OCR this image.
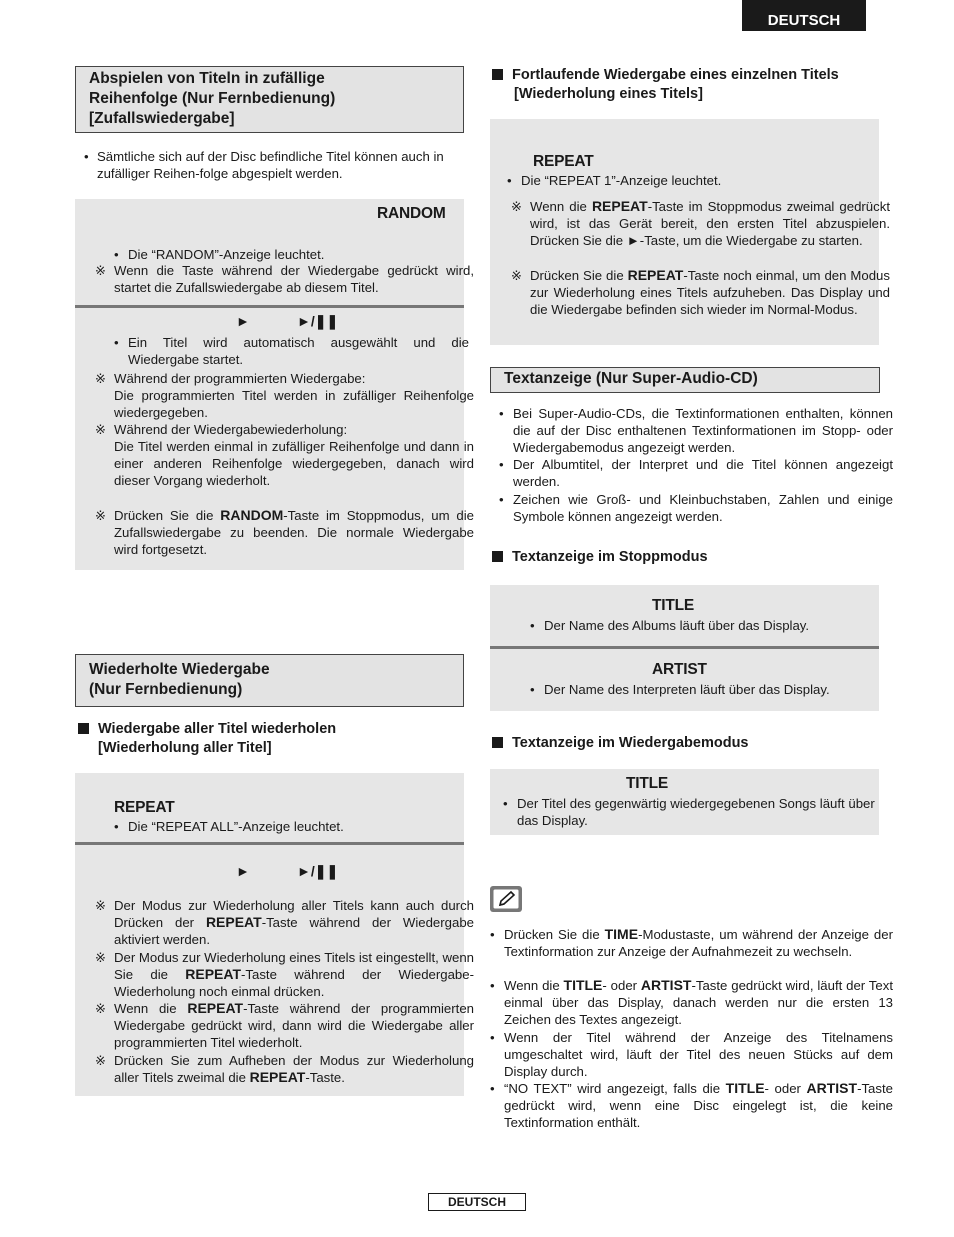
DEUTSCH
Abspielen von Titeln in zufällige
Reihenfolge (Nur Fernbedienung)
[Zufallswiedergabe]
• Sämtliche sich auf der Disc befindliche Titel können auch in
zufälliger Reihen-folge abgespielt werden.
RANDOM
• Die “RANDOM”-Anzeige leuchtet.
※ Wenn die Taste während der Wiedergabe gedrückt wird, startet die Zufallswiedergabe ab diesem Titel.
►	►/❚❚
• Ein Titel wird automatisch ausgewählt und die Wiedergabe startet.
※ Während der programmierten Wiedergabe:
Die programmierten Titel werden in zufälliger Reihenfolge wiedergegeben.
※ Während der Wiedergabewiederholung:
Die Titel werden einmal in zufälliger Reihenfolge und dann in einer anderen Reihenfolge wiedergegeben, danach wird dieser Vorgang wiederholt.
※ Drücken Sie die RANDOM-Taste im Stoppmodus, um die Zufallswiedergabe zu beenden. Die normale Wiedergabe wird fortgesetzt.
Wiederholte Wiedergabe
(Nur Fernbedienung)
Wiedergabe aller Titel wiederholen
[Wiederholung aller Titel]
REPEAT
• Die “REPEAT ALL”-Anzeige leuchtet.
►	►/❚❚
※ Der Modus zur Wiederholung aller Titels kann auch durch Drücken der REPEAT-Taste während der Wiedergabe aktiviert werden.
※ Der Modus zur Wiederholung eines Titels ist eingestellt, wenn Sie die REPEAT-Taste während der Wiedergabe-Wiederholung noch einmal drücken.
※ Wenn die REPEAT-Taste während der programmierten Wiedergabe gedrückt wird, dann wird die Wiedergabe aller programmierten Titel wiederholt.
※ Drücken Sie zum Aufheben der Modus zur Wiederholung aller Titels zweimal die REPEAT-Taste.
Fortlaufende Wiedergabe eines einzelnen Titels
[Wiederholung eines Titels]
REPEAT
• Die “REPEAT 1”-Anzeige leuchtet.
※ Wenn die REPEAT-Taste im Stoppmodus zweimal gedrückt wird, ist das Gerät bereit, den ersten Titel abzuspielen. Drücken Sie die ►-Taste, um die Wiedergabe zu starten.
※ Drücken Sie die REPEAT-Taste noch einmal, um den Modus zur Wiederholung eines Titels aufzuheben. Das Display und die Wiedergabe befinden sich wieder im Normal-Modus.
Textanzeige (Nur Super-Audio-CD)
• Bei Super-Audio-CDs, die Textinformationen enthalten, können die auf der Disc enthaltenen Textinformationen im Stopp- oder Wiedergabemodus angezeigt werden.
• Der Albumtitel, der Interpret und die Titel können angezeigt werden.
• Zeichen wie Groß- und Kleinbuchstaben, Zahlen und einige Symbole können angezeigt werden.
Textanzeige im Stoppmodus
TITLE
• Der Name des Albums läuft über das Display.
ARTIST
• Der Name des Interpreten läuft über das Display.
Textanzeige im Wiedergabemodus
TITLE
• Der Titel des gegenwärtig wiedergegebenen Songs läuft über das Display.
• Drücken Sie die TIME-Modustaste, um während der Anzeige der Textinformation zur Anzeige der Aufnahmezeit zu wechseln.
• Wenn die TITLE- oder ARTIST-Taste gedrückt wird, läuft der Text einmal über das Display, danach werden nur die ersten 13 Zeichen des Textes angezeigt.
• Wenn der Titel während der Anzeige des Titelnamens umgeschaltet wird, läuft der Titel des neuen Stücks auf dem Display durch.
• “NO TEXT” wird angezeigt, falls die TITLE- oder ARTIST-Taste gedrückt wird, wenn eine Disc eingelegt ist, die keine Textinformation enthält.
DEUTSCH
